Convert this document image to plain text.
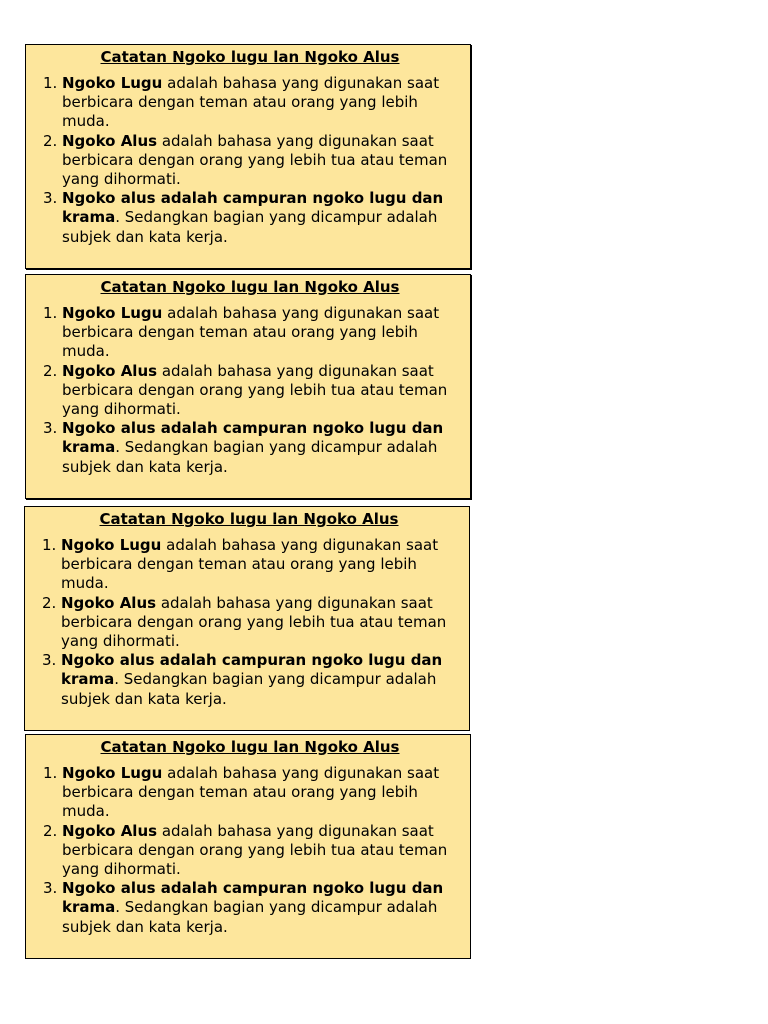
Catatan Ngoko lugu lan Ngoko Alus
1. Ngoko Lugu adalah bahasa yang digunakan saat berbicara dengan teman atau orang yang lebih muda.
2. Ngoko Alus adalah bahasa yang digunakan saat berbicara dengan orang yang lebih tua atau teman yang dihormati.
3. Ngoko alus adalah campuran ngoko lugu dan krama. Sedangkan bagian yang dicampur adalah subjek dan kata kerja.
Catatan Ngoko lugu lan Ngoko Alus
1. Ngoko Lugu adalah bahasa yang digunakan saat berbicara dengan teman atau orang yang lebih muda.
2. Ngoko Alus adalah bahasa yang digunakan saat berbicara dengan orang yang lebih tua atau teman yang dihormati.
3. Ngoko alus adalah campuran ngoko lugu dan krama. Sedangkan bagian yang dicampur adalah subjek dan kata kerja.
Catatan Ngoko lugu lan Ngoko Alus
1. Ngoko Lugu adalah bahasa yang digunakan saat berbicara dengan teman atau orang yang lebih muda.
2. Ngoko Alus adalah bahasa yang digunakan saat berbicara dengan orang yang lebih tua atau teman yang dihormati.
3. Ngoko alus adalah campuran ngoko lugu dan krama. Sedangkan bagian yang dicampur adalah subjek dan kata kerja.
Catatan Ngoko lugu lan Ngoko Alus
1. Ngoko Lugu adalah bahasa yang digunakan saat berbicara dengan teman atau orang yang lebih muda.
2. Ngoko Alus adalah bahasa yang digunakan saat berbicara dengan orang yang lebih tua atau teman yang dihormati.
3. Ngoko alus adalah campuran ngoko lugu dan krama. Sedangkan bagian yang dicampur adalah subjek dan kata kerja.
